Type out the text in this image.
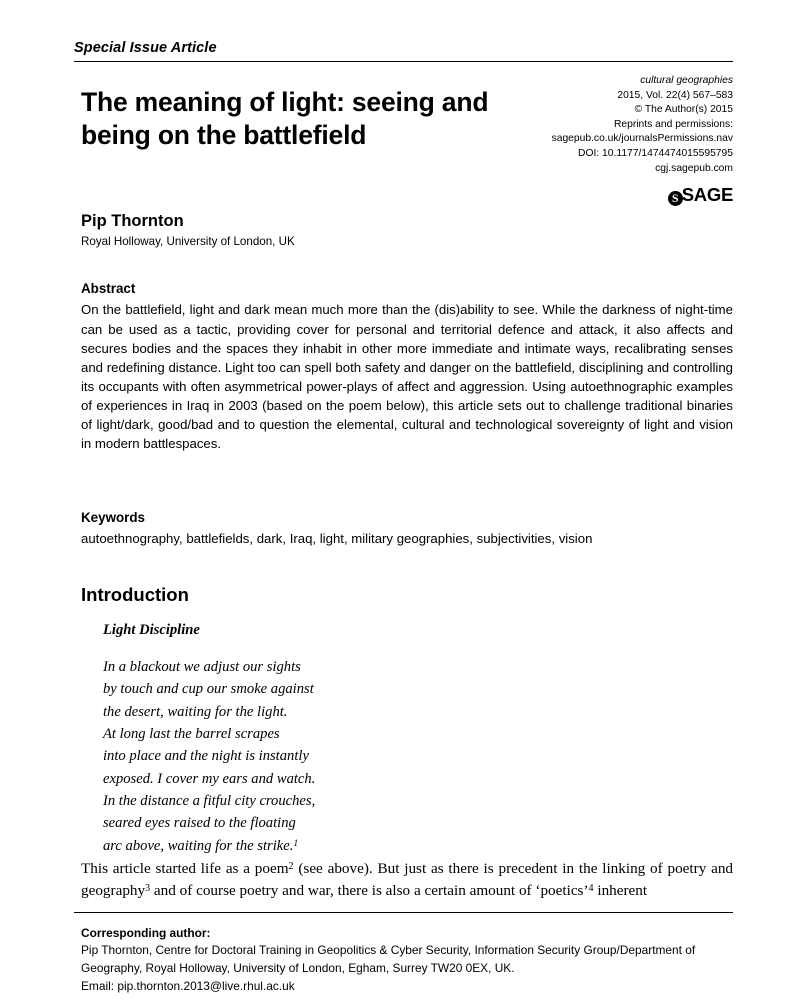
Special Issue Article
The meaning of light: seeing and being on the battlefield
cultural geographies
2015, Vol. 22(4) 567–583
© The Author(s) 2015
Reprints and permissions:
sagepub.co.uk/journalsPermissions.nav
DOI: 10.1177/1474474015595795
cgj.sagepub.com
S SAGE
Pip Thornton
Royal Holloway, University of London, UK
Abstract
On the battlefield, light and dark mean much more than the (dis)ability to see. While the darkness of night-time can be used as a tactic, providing cover for personal and territorial defence and attack, it also affects and secures bodies and the spaces they inhabit in other more immediate and intimate ways, recalibrating senses and redefining distance. Light too can spell both safety and danger on the battlefield, disciplining and controlling its occupants with often asymmetrical power-plays of affect and aggression. Using autoethnographic examples of experiences in Iraq in 2003 (based on the poem below), this article sets out to challenge traditional binaries of light/dark, good/bad and to question the elemental, cultural and technological sovereignty of light and vision in modern battlespaces.
Keywords
autoethnography, battlefields, dark, Iraq, light, military geographies, subjectivities, vision
Introduction
Light Discipline
In a blackout we adjust our sights
by touch and cup our smoke against
the desert, waiting for the light.
At long last the barrel scrapes
into place and the night is instantly
exposed. I cover my ears and watch.
In the distance a fitful city crouches,
seared eyes raised to the floating
arc above, waiting for the strike.$^1$
This article started life as a poem$^2$ (see above). But just as there is precedent in the linking of poetry and geography$^3$ and of course poetry and war, there is also a certain amount of ‘poetics’$^4$ inherent
Corresponding author:
Pip Thornton, Centre for Doctoral Training in Geopolitics & Cyber Security, Information Security Group/Department of Geography, Royal Holloway, University of London, Egham, Surrey TW20 0EX, UK.
Email: pip.thornton.2013@live.rhul.ac.uk
